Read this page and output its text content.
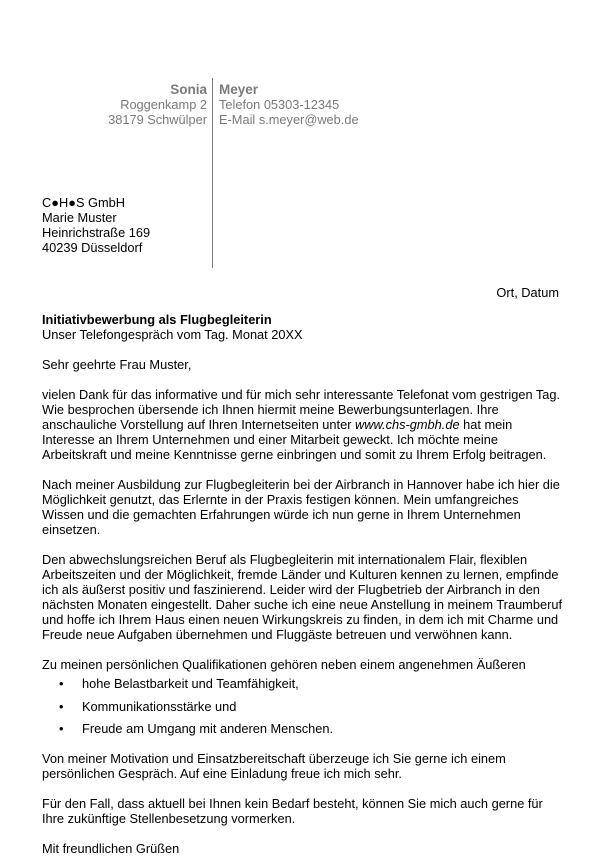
Sonia
Roggenkamp 2
38179 Schwülper
Meyer
Telefon 05303-12345
E-Mail s.meyer@web.de
C●H●S GmbH
Marie Muster
Heinrichstraße 169
40239 Düsseldorf
Ort, Datum

Initiativbewerbung als Flugbegleiterin

Unser Telefongespräch vom Tag. Monat 20XX

Sehr geehrte Frau Muster,

vielen Dank für das informative und für mich sehr interessante Telefonat vom gestrigen Tag. Wie besprochen übersende ich Ihnen hiermit meine Bewerbungsunterlagen. Ihre anschauliche Vorstellung auf Ihren Internetseiten unter www.chs-gmbh.de hat mein Interesse an Ihrem Unternehmen und einer Mitarbeit geweckt. Ich möchte meine Arbeitskraft und meine Kenntnisse gerne einbringen und somit zu Ihrem Erfolg beitragen.

Nach meiner Ausbildung zur Flugbegleiterin bei der Airbranch in Hannover habe ich hier die Möglichkeit genutzt, das Erlernte in der Praxis festigen können. Mein umfangreiches Wissen und die gemachten Erfahrungen würde ich nun gerne in Ihrem Unternehmen einsetzen.

Den abwechslungsreichen Beruf als Flugbegleiterin mit internationalem Flair, flexiblen Arbeitszeiten und der Möglichkeit, fremde Länder und Kulturen kennen zu lernen, empfinde ich als äußerst positiv und faszinierend. Leider wird der Flugbetrieb der Airbranch in den nächsten Monaten eingestellt. Daher suche ich eine neue Anstellung in meinem Traumberuf und hoffe ich Ihrem Haus einen neuen Wirkungskreis zu finden, in dem ich mit Charme und Freude neue Aufgaben übernehmen und Fluggäste betreuen und verwöhnen kann.

Zu meinen persönlichen Qualifikationen gehören neben einem angenehmen Äußeren

• hohe Belastbarkeit und Teamfähigkeit,
• Kommunikationsstärke und
• Freude am Umgang mit anderen Menschen.

Von meiner Motivation und Einsatzbereitschaft überzeuge ich Sie gerne ich einem persönlichen Gespräch. Auf eine Einladung freue ich mich sehr.

Für den Fall, dass aktuell bei Ihnen kein Bedarf besteht, können Sie mich auch gerne für Ihre zukünftige Stellenbesetzung vormerken.

Mit freundlichen Grüßen
